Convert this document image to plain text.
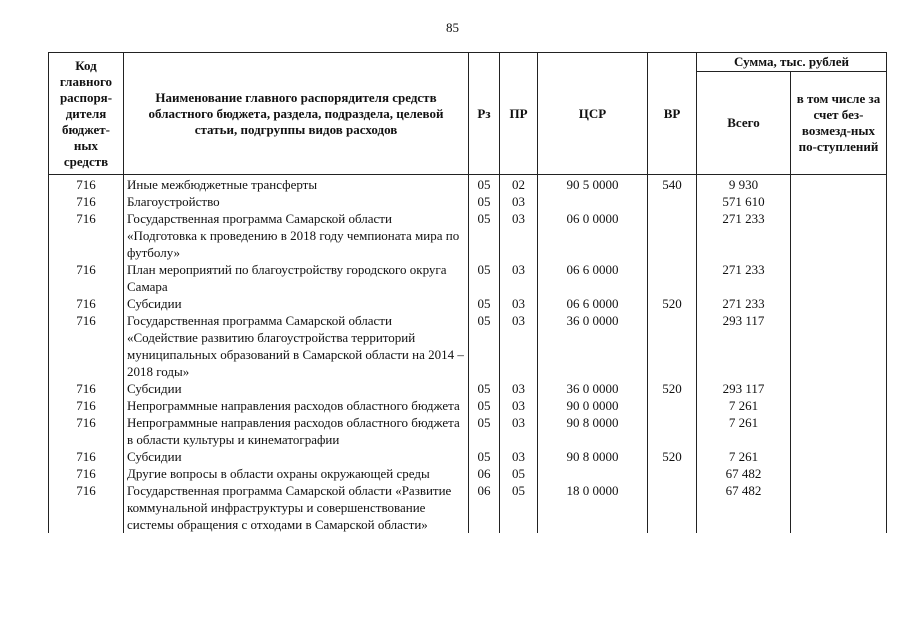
85
Код главного распоря-дителя бюджет-ных средств	Наименование главного распорядителя средств областного бюджета, раздела, подраздела, целевой статьи, подгруппы видов расходов	Рз	ПР	ЦСР	ВР	Сумма, тыс. рублей	
						Всего	в том числе за счет без-возмезд-ных по-ступлений
716	Иные межбюджетные трансферты	05	02	90 5 0000	540	9 930	
716	Благоустройство	05	03			571 610	
716	Государственная программа Самарской области «Подготовка к проведению в 2018 году чемпионата мира по футболу»	05	03	06 0 0000		271 233	
716	План мероприятий по благоустройству городского округа Самара	05	03	06 6 0000		271 233	
716	Субсидии	05	03	06 6 0000	520	271 233	
716	Государственная программа Самарской области «Содействие развитию благоустройства территорий муниципальных образований в Самарской области на 2014 – 2018 годы»	05	03	36 0 0000		293 117	
716	Субсидии	05	03	36 0 0000	520	293 117	
716	Непрограммные направления расходов областного бюджета	05	03	90 0 0000		7 261	
716	Непрограммные направления расходов областного бюджета в области культуры и кинематографии	05	03	90 8 0000		7 261	
716	Субсидии	05	03	90 8 0000	520	7 261	
716	Другие вопросы в области охраны окружающей среды	06	05			67 482	
716	Государственная программа Самарской области «Развитие коммунальной инфраструктуры и совершенствование системы обращения с отходами в Самарской области»	06	05	18 0 0000		67 482	
